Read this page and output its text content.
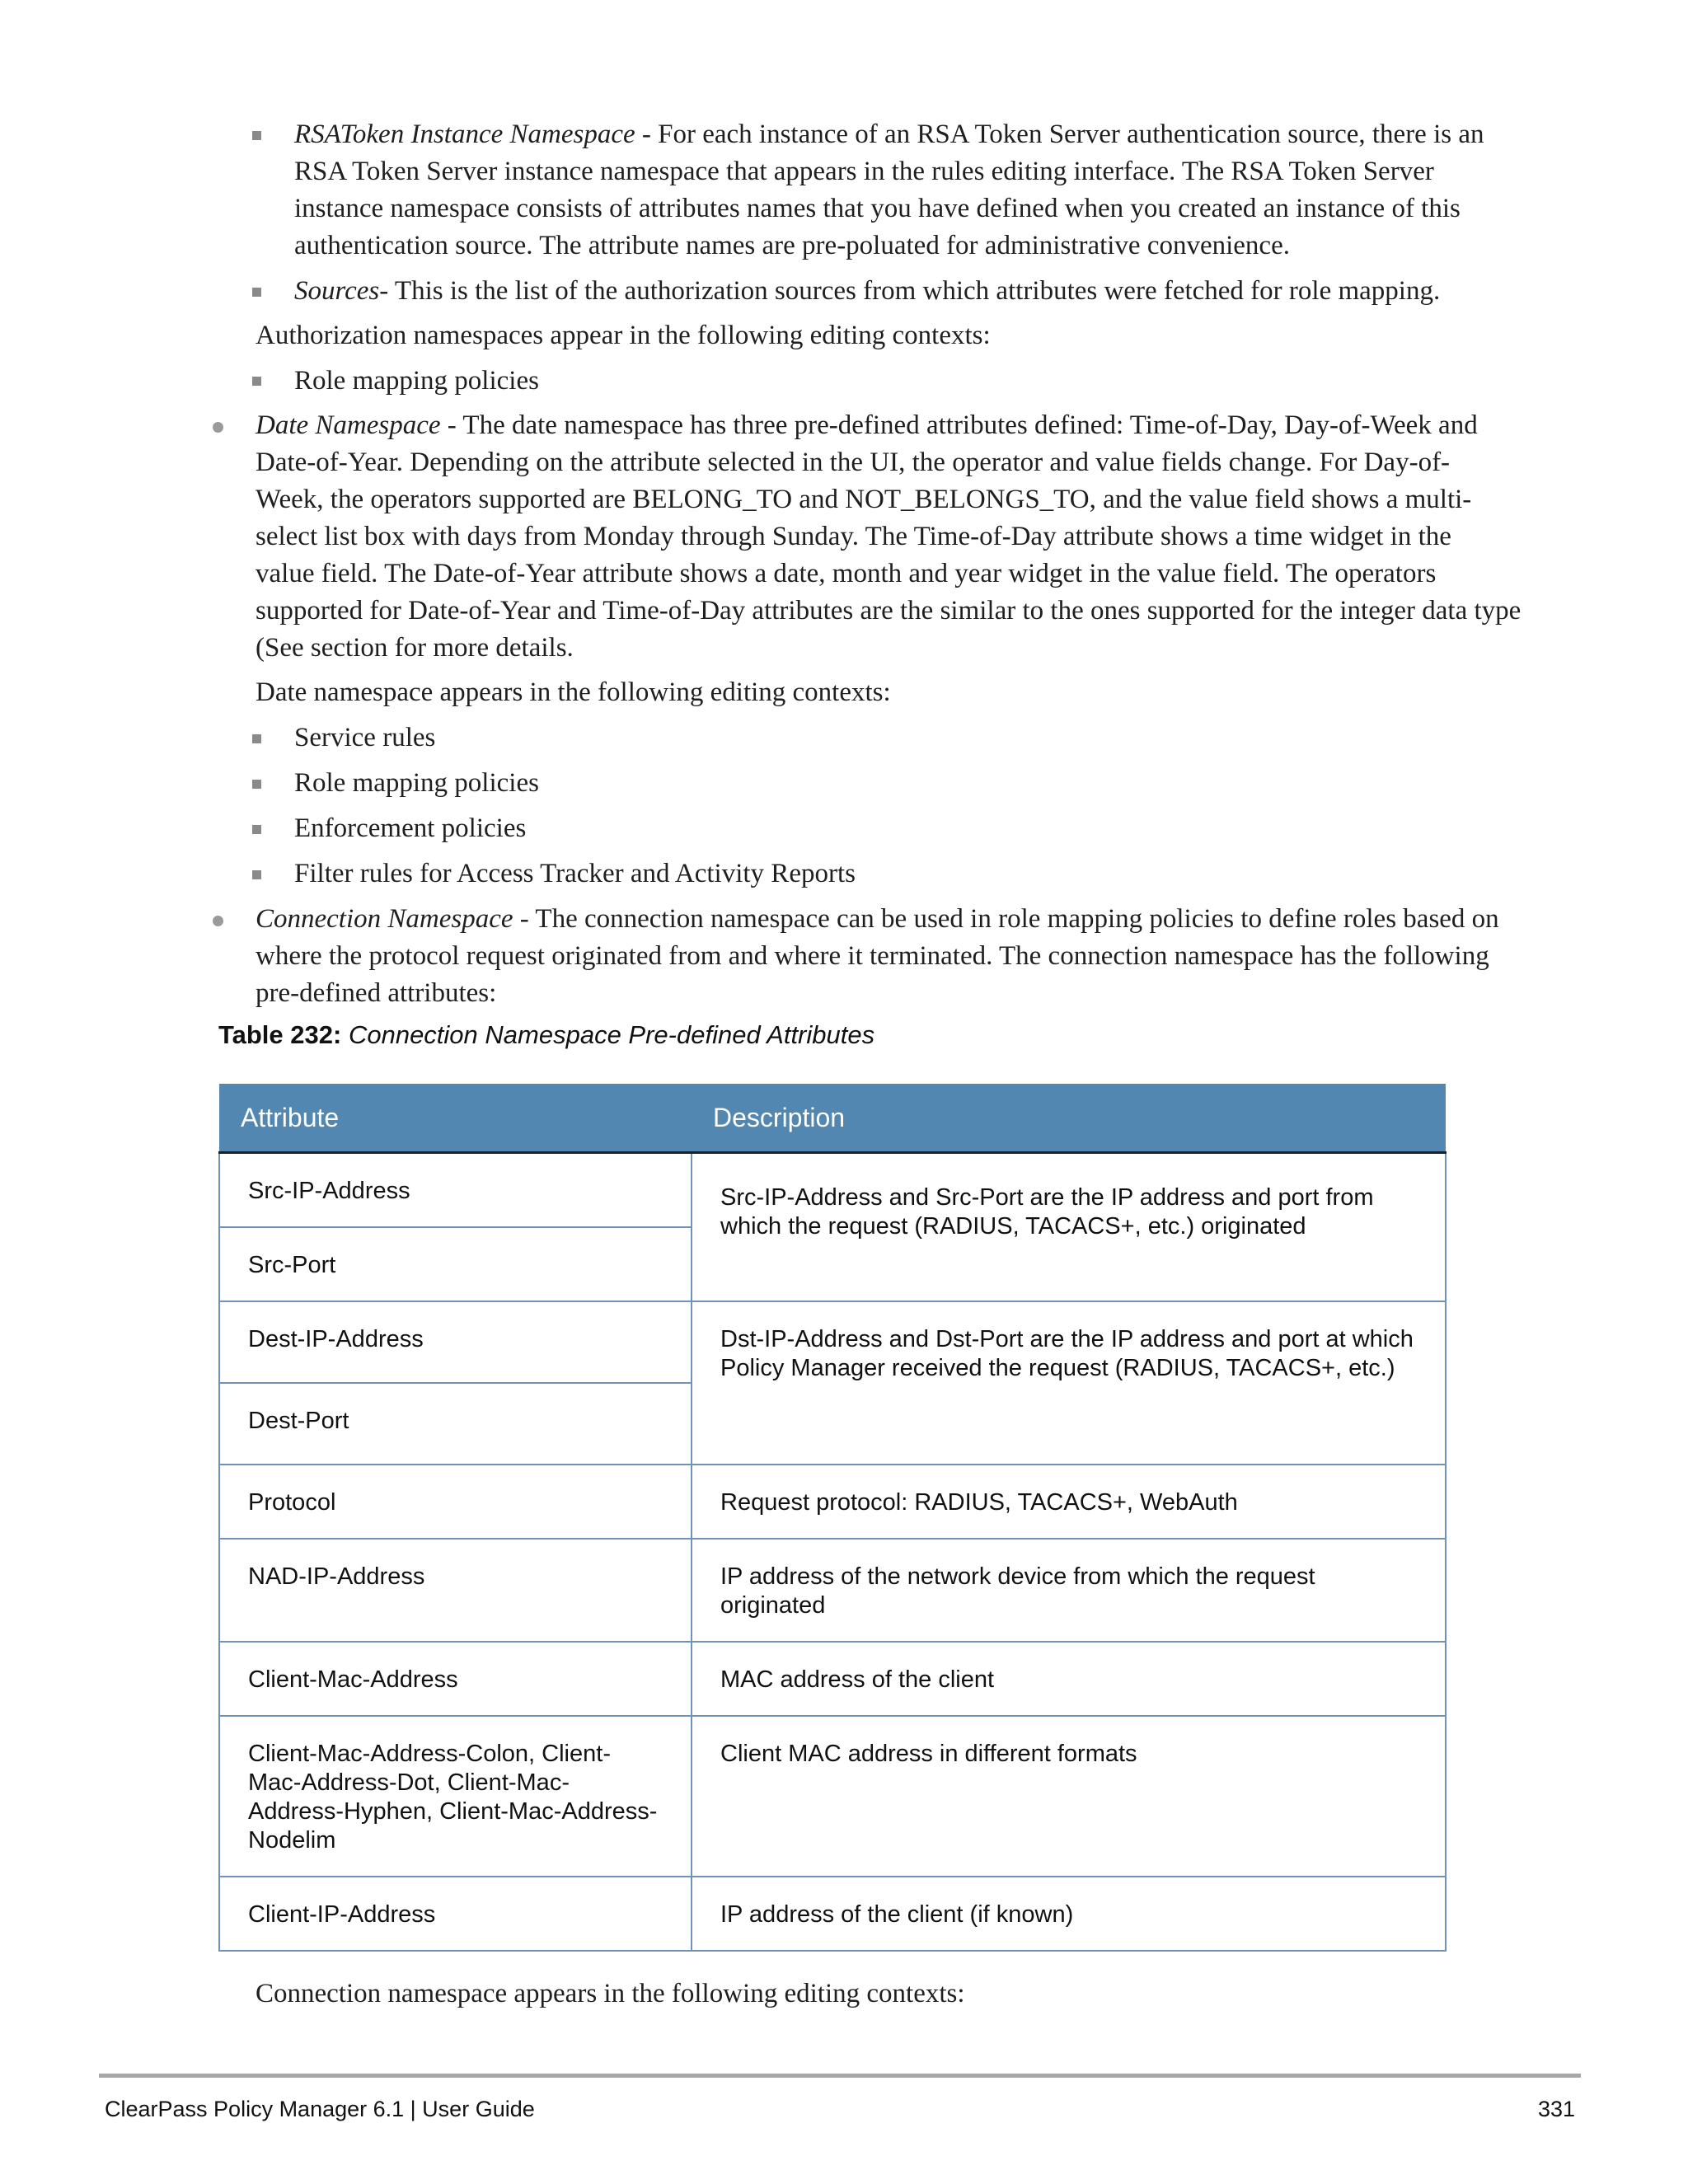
RSAToken Instance Namespace - For each instance of an RSA Token Server authentication source, there is an
RSA Token Server instance namespace that appears in the rules editing interface. The RSA Token Server
instance namespace consists of attributes names that you have defined when you created an instance of this
authentication source. The attribute names are pre-poluated for administrative convenience.
Sources- This is the list of the authorization sources from which attributes were fetched for role mapping.
Authorization namespaces appear in the following editing contexts:
Role mapping policies
Date Namespace - The date namespace has three pre-defined attributes defined: Time-of-Day, Day-of-Week and
Date-of-Year. Depending on the attribute selected in the UI, the operator and value fields change. For Day-of-
Week, the operators supported are BELONG_TO and NOT_BELONGS_TO, and the value field shows a multi-
select list box with days from Monday through Sunday. The Time-of-Day attribute shows a time widget in the
value field. The Date-of-Year attribute shows a date, month and year widget in the value field. The operators
supported for Date-of-Year and Time-of-Day attributes are the similar to the ones supported for the integer data type
(See section for more details.
Date namespace appears in the following editing contexts:
Service rules
Role mapping policies
Enforcement policies
Filter rules for Access Tracker and Activity Reports
Connection Namespace - The connection namespace can be used in role mapping policies to define roles based on
where the protocol request originated from and where it terminated. The connection namespace has the following
pre-defined attributes:
Table 232: Connection Namespace Pre-defined Attributes
Attribute	Description
Src-IP-Address	Src-IP-Address and Src-Port are the IP address and port from which the request (RADIUS, TACACS+, etc.) originated
Src-Port	
Dest-IP-Address	Dst-IP-Address and Dst-Port are the IP address and port at which Policy Manager received the request (RADIUS, TACACS+, etc.)
Dest-Port	
Protocol	Request protocol: RADIUS, TACACS+, WebAuth
NAD-IP-Address	IP address of the network device from which the request originated
Client-Mac-Address	MAC address of the client
Client-Mac-Address-Colon, Client-Mac-Address-Dot, Client-Mac-Address-Hyphen, Client-Mac-Address-Nodelim	Client MAC address in different formats
Client-IP-Address	IP address of the client (if known)
Connection namespace appears in the following editing contexts:
ClearPass Policy Manager 6.1 | User Guide	331
